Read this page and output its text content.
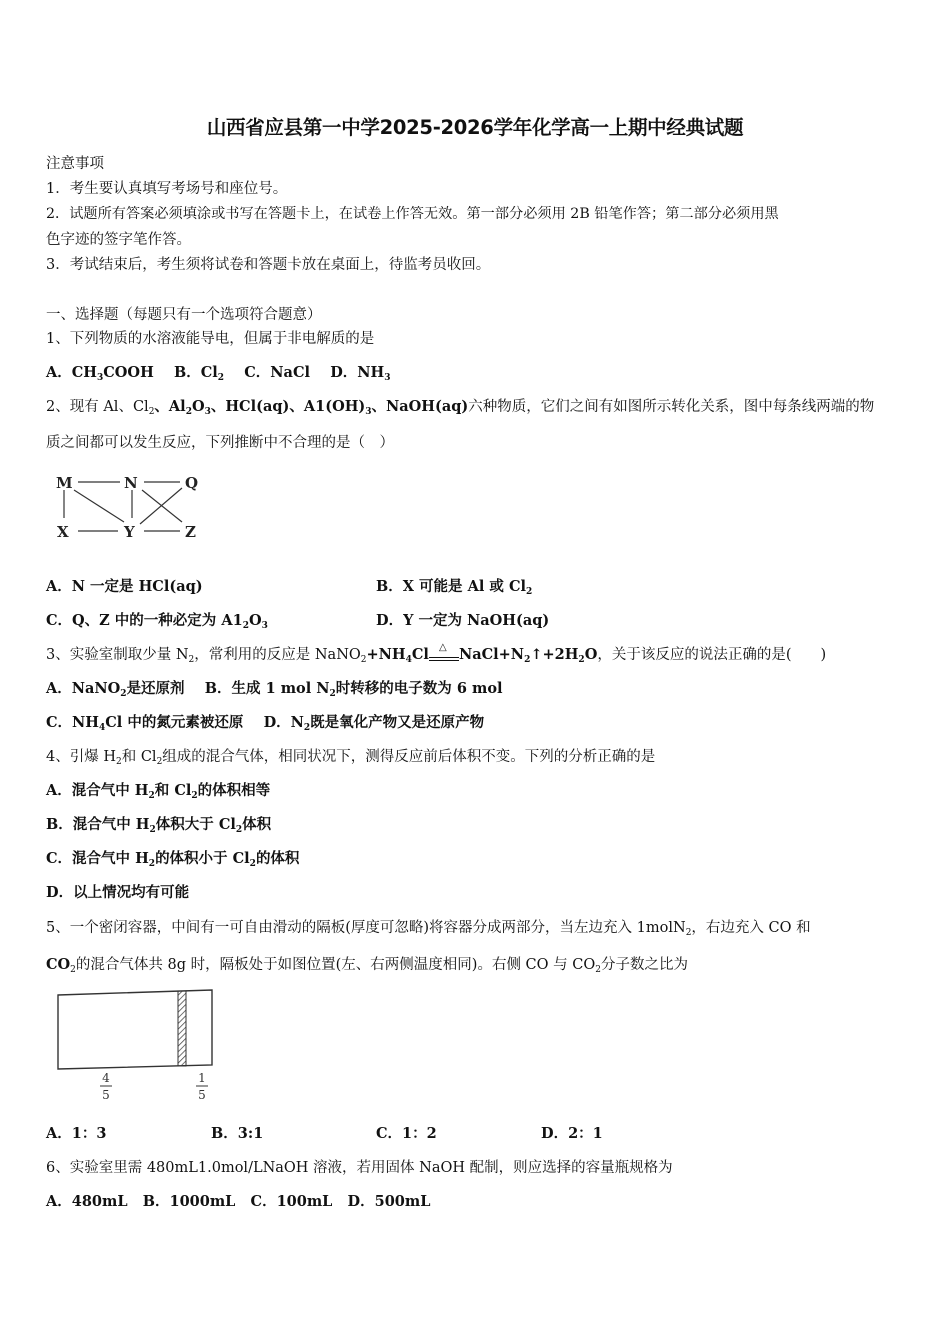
山西省应县第一中学2025-2026学年化学高一上期中经典试题
注意事项
1．考生要认真填写考场号和座位号。
2．试题所有答案必须填涂或书写在答题卡上，在试卷上作答无效。第一部分必须用 2B 铅笔作答；第二部分必须用黑
色字迹的签字笔作答。
3．考试结束后，考生须将试卷和答题卡放在桌面上，待监考员收回。
一、选择题（每题只有一个选项符合题意）
1、下列物质的水溶液能导电，但属于非电解质的是
A．$CH_3COOH$ B．$Cl_2$ C．NaCl D．$NH_3$
2、现有 Al、$Cl_2$、$Al_2O_3$、HCl(aq)、$A1(OH)_3$、NaOH(aq)六种物质，它们之间有如图所示转化关系，图中每条线两端的物
质之间都可以发生反应，下列推断中不合理的是（　）
M	N	Q
X	Y	Z
A．N 一定是 HCl(aq)	B．X 可能是 Al 或 $Cl_2$
C．Q、Z 中的一种必定为 $A1_2O_3$	D．Y 一定为 NaOH(aq)
3、实验室制取少量 $N_2$，常利用的反应是 $NaNO_2+NH_4Cl$ △ $NaCl+N_2↑+2H_2O$，关于该反应的说法正确的是(　　)
A．NaNO$_2$是还原剂 B．生成 1 mol $N_2$时转移的电子数为 6 mol
C．$NH_4Cl$ 中的氮元素被还原 D．$N_2$既是氧化产物又是还原产物
4、引爆 $H_2$和 $Cl_2$组成的混合气体，相同状况下，测得反应前后体积不变。下列的分析正确的是
A．混合气中 $H_2$和 $Cl_2$的体积相等
B．混合气中 $H_2$体积大于 $Cl_2$体积
C．混合气中 $H_2$的体积小于 $Cl_2$的体积
D．以上情况均有可能
5、一个密闭容器，中间有一可自由滑动的隔板(厚度可忽略)将容器分成两部分，当左边充入 1molN$_2$，右边充入 CO 和
$CO_2$的混合气体共 8g 时，隔板处于如图位置(左、右两侧温度相同)。右侧 CO 与 $CO_2$分子数之比为
4
5
1
5
A．1：3	B．3:1	C．1：2	D．2：1
6、实验室里需 480mL1.0mol/LNaOH 溶液，若用固体 NaOH 配制，则应选择的容量瓶规格为
A．480mL B．1000mL C．100mL D．500mL
